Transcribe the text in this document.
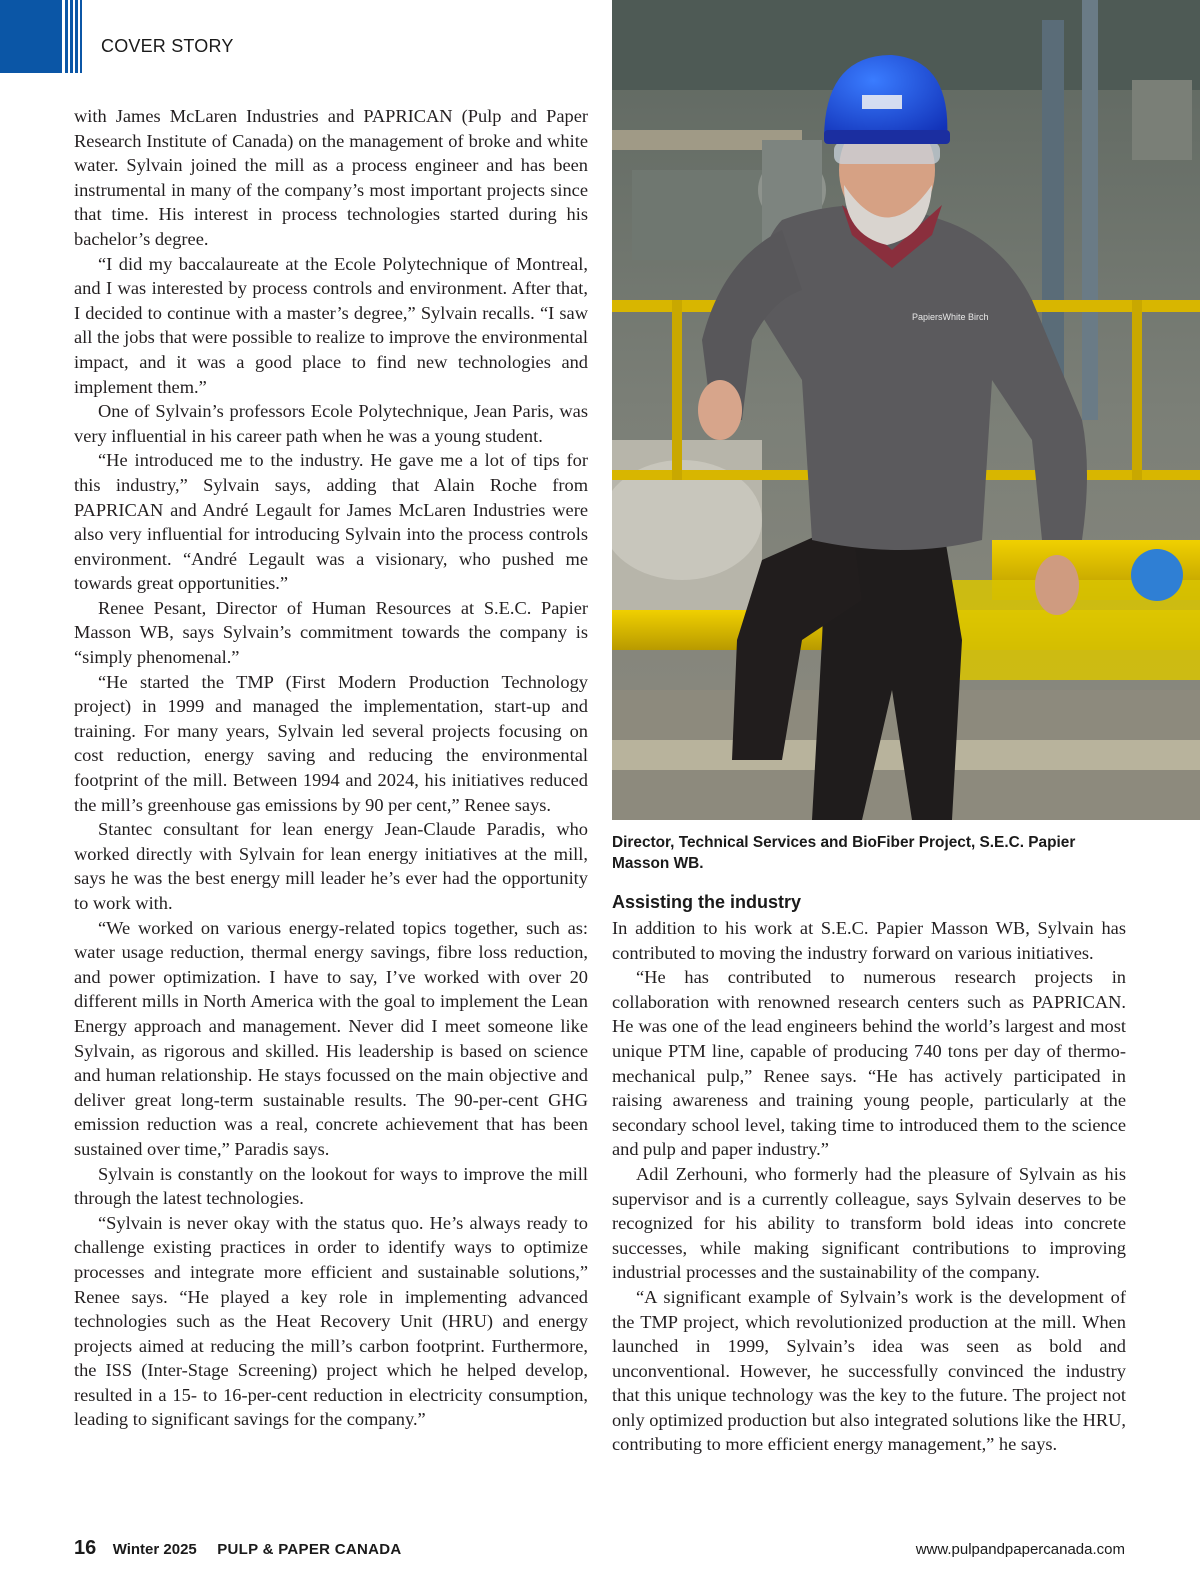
COVER STORY

with James McLaren Industries and PAPRICAN (Pulp and Paper Research Institute of Canada) on the management of broke and white water. Sylvain joined the mill as a process engineer and has been instrumental in many of the company’s most important projects since that time. His interest in process technologies started during his bachelor’s degree.

“I did my baccalaureate at the Ecole Polytechnique of Montreal, and I was interested by process controls and environment. After that, I decided to continue with a master’s degree,” Sylvain recalls. “I saw all the jobs that were possible to realize to improve the environmental impact, and it was a good place to find new technologies and implement them.”

One of Sylvain’s professors Ecole Polytechnique, Jean Paris, was very influential in his career path when he was a young student.

“He introduced me to the industry. He gave me a lot of tips for this industry,” Sylvain says, adding that Alain Roche from PAPRICAN and André Legault for James McLaren Industries were also very influential for introducing Sylvain into the process controls environment. “André Legault was a visionary, who pushed me towards great opportunities.”

Renee Pesant, Director of Human Resources at S.E.C. Papier Masson WB, says Sylvain’s commitment towards the company is “simply phenomenal.”

“He started the TMP (First Modern Production Technology project) in 1999 and managed the implementation, start-up and training. For many years, Sylvain led several projects focusing on cost reduction, energy saving and reducing the environmental footprint of the mill. Between 1994 and 2024, his initiatives reduced the mill’s greenhouse gas emissions by 90 per cent,” Renee says.

Stantec consultant for lean energy Jean-Claude Paradis, who worked directly with Sylvain for lean energy initiatives at the mill, says he was the best energy mill leader he’s ever had the opportunity to work with.

“We worked on various energy-related topics together, such as: water usage reduction, thermal energy savings, fibre loss reduction, and power optimization. I have to say, I’ve worked with over 20 different mills in North America with the goal to implement the Lean Energy approach and management. Never did I meet someone like Sylvain, as rigorous and skilled. His leadership is based on science and human relationship. He stays focussed on the main objective and deliver great long-term sustainable results. The 90-per-cent GHG emission reduction was a real, concrete achievement that has been sustained over time,” Paradis says.

Sylvain is constantly on the lookout for ways to improve the mill through the latest technologies.

“Sylvain is never okay with the status quo. He’s always ready to challenge existing practices in order to identify ways to optimize processes and integrate more efficient and sustainable solutions,” Renee says. “He played a key role in implementing advanced technologies such as the Heat Recovery Unit (HRU) and energy projects aimed at reducing the mill’s carbon footprint. Furthermore, the ISS (Inter-Stage Screening) project which he helped develop, resulted in a 15- to 16-per-cent reduction in electricity consumption, leading to significant savings for the company.”

PapiersWhite Birch
Director, Technical Services and BioFiber Project, S.E.C. Papier Masson WB.
Assisting the industry

In addition to his work at S.E.C. Papier Masson WB, Sylvain has contributed to moving the industry forward on various initiatives.

“He has contributed to numerous research projects in collaboration with renowned research centers such as PAPRICAN. He was one of the lead engineers behind the world’s largest and most unique PTM line, capable of producing 740 tons per day of thermo-mechanical pulp,” Renee says. “He has actively participated in raising awareness and training young people, particularly at the secondary school level, taking time to introduced them to the science and pulp and paper industry.”

Adil Zerhouni, who formerly had the pleasure of Sylvain as his supervisor and is a currently colleague, says Sylvain deserves to be recognized for his ability to transform bold ideas into concrete successes, while making significant contributions to improving industrial processes and the sustainability of the company.

“A significant example of Sylvain’s work is the development of the TMP project, which revolutionized production at the mill. When launched in 1999, Sylvain’s idea was seen as bold and unconventional. However, he successfully convinced the industry that this unique technology was the key to the future. The project not only optimized production but also integrated solutions like the HRU, contributing to more efficient energy management,” he says.

16 Winter 2025 PULP & PAPER CANADA	www.pulpandpapercanada.com
